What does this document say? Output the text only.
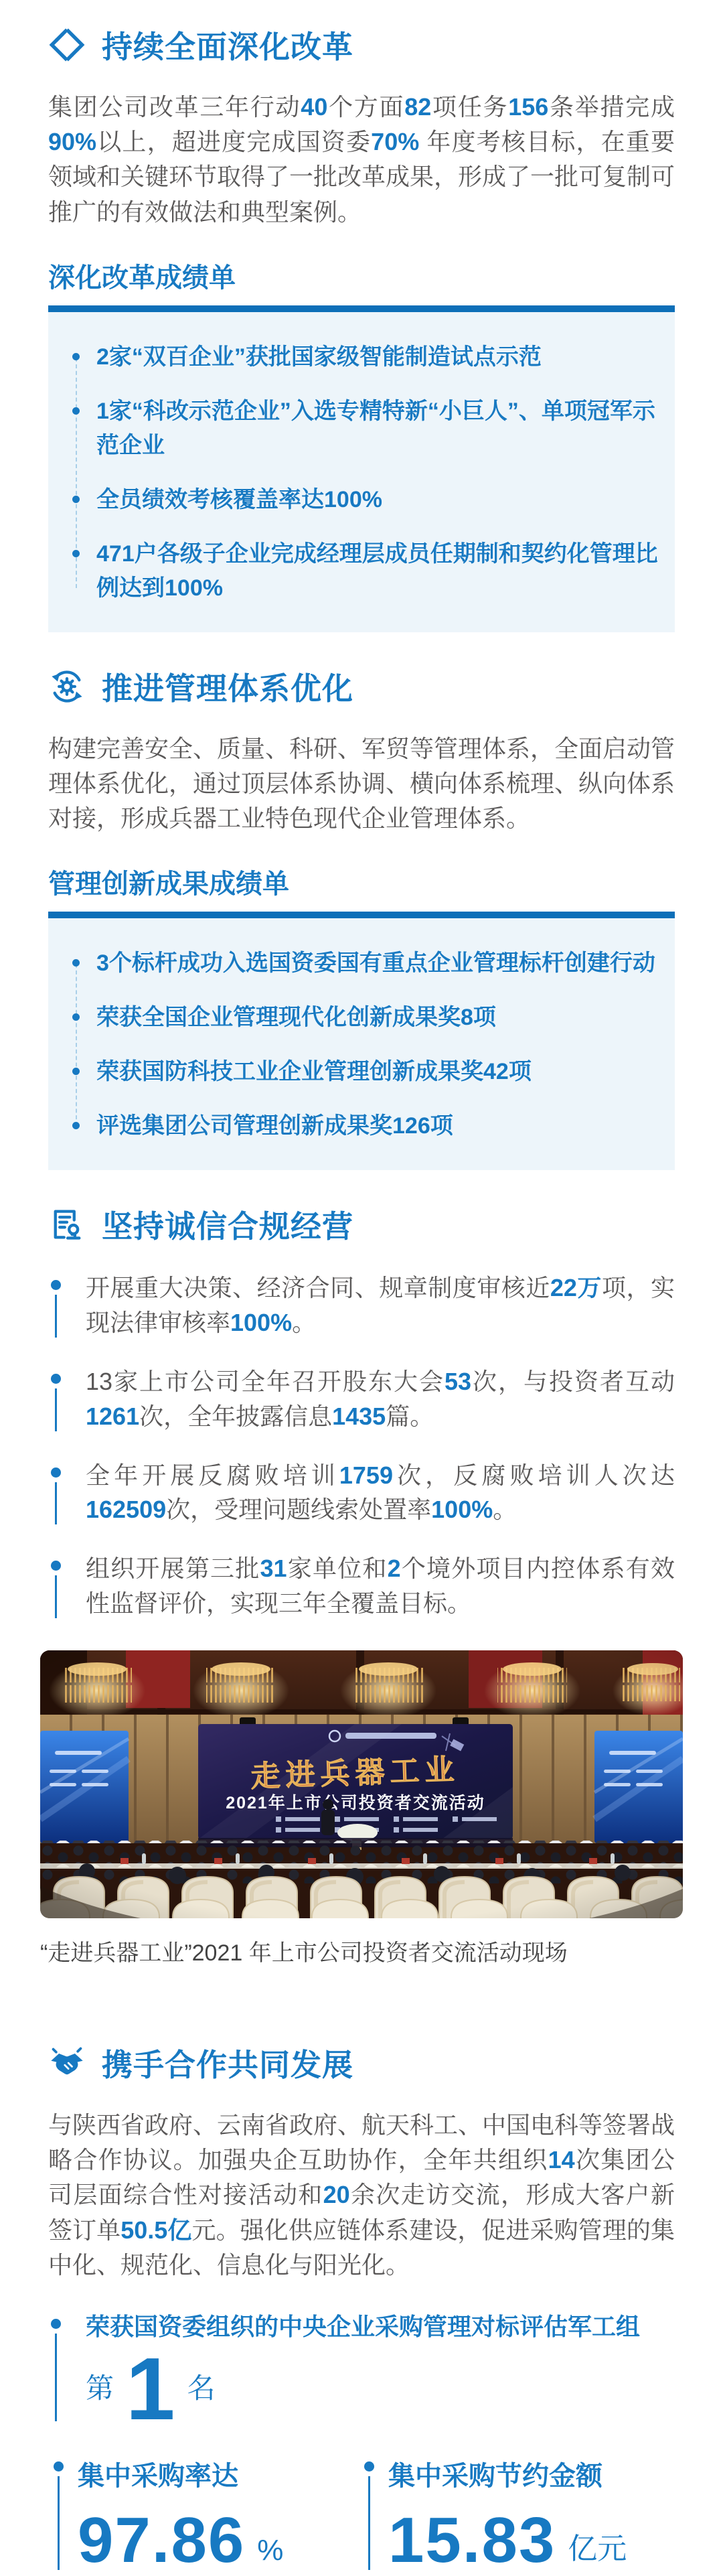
持续全面深化改革

集团公司改革三年行动40个方面82项任务156条举措完成90%以上，超进度完成国资委70% 年度考核目标，在重要领域和关键环节取得了一批改革成果，形成了一批可复制可推广的有效做法和典型案例。

深化改革成绩单
2家“双百企业”获批国家级智能制造试点示范
1家“科改示范企业”入选专精特新“小巨人”、单项冠军示范企业
全员绩效考核覆盖率达100%
471户各级子企业完成经理层成员任期制和契约化管理比例达到100%
推进管理体系优化

构建完善安全、质量、科研、军贸等管理体系，全面启动管理体系优化，通过顶层体系协调、横向体系梳理、纵向体系对接，形成兵器工业特色现代企业管理体系。

管理创新成果成绩单
3个标杆成功入选国资委国有重点企业管理标杆创建行动
荣获全国企业管理现代化创新成果奖8项
荣获国防科技工业企业管理创新成果奖42项
评选集团公司管理创新成果奖126项
坚持诚信合规经营
开展重大决策、经济合同、规章制度审核近22万项，实现法律审核率100%。
13家上市公司全年召开股东大会53次，与投资者互动1261次，全年披露信息1435篇。
全年开展反腐败培训1759次，反腐败培训人次达162509次，受理问题线索处置率100%。
组织开展第三批31家单位和2个境外项目内控体系有效性监督评价，实现三年全覆盖目标。
“走进兵器工业”2021 年上市公司投资者交流活动现场
携手合作共同发展

与陕西省政府、云南省政府、航天科工、中国电科等签署战略合作协议。加强央企互助协作，全年共组织14次集团公司层面综合性对接活动和20余次走访交流，形成大客户新签订单50.5亿元。强化供应链体系建设，促进采购管理的集中化、规范化、信息化与阳光化。

荣获国资委组织的中央企业采购管理对标评估军工组
第 1 名
集中采购率达
97.86 %
集中采购节约金额
15.83 亿元
